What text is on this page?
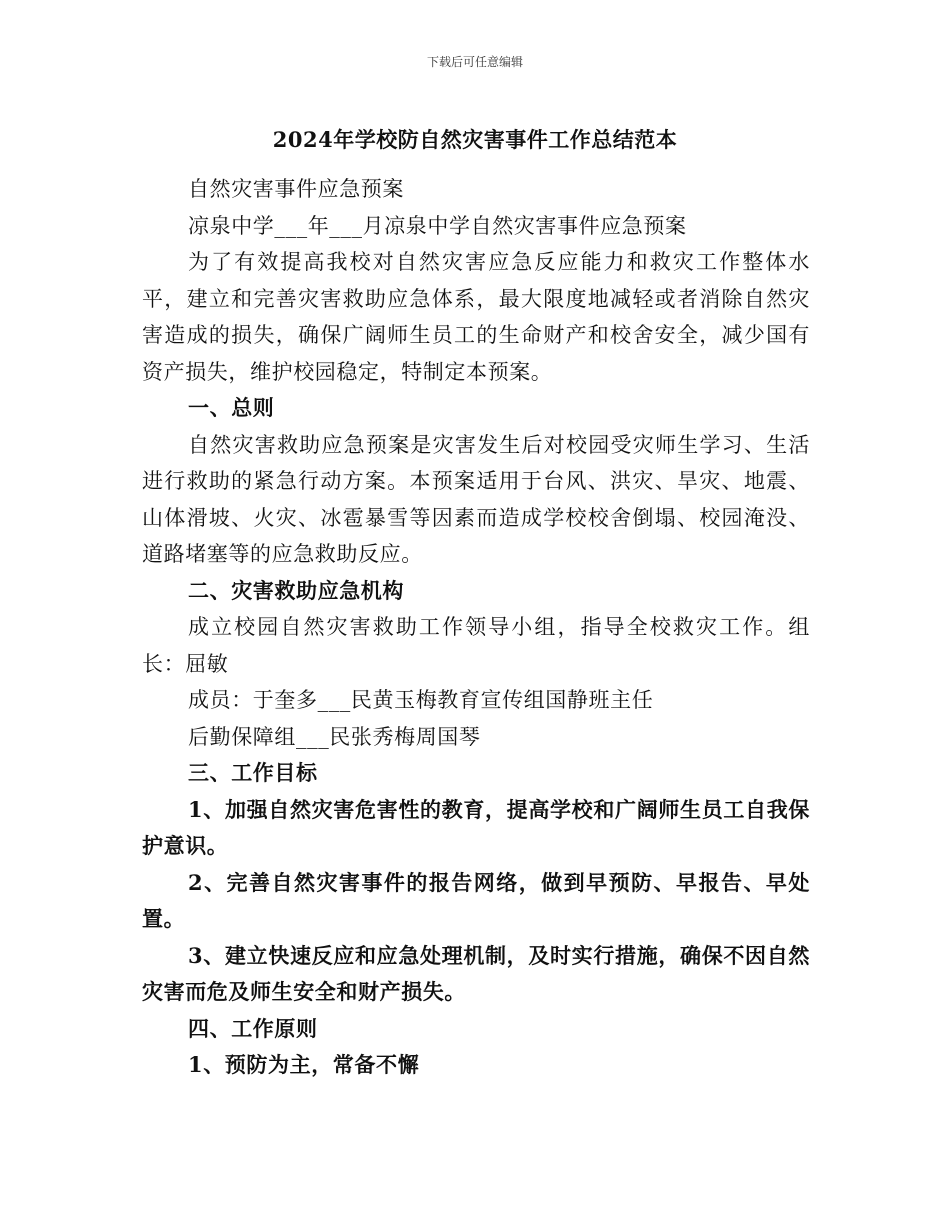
下载后可任意编辑
2024年学校防自然灾害事件工作总结范本

自然灾害事件应急预案

凉泉中学___年___月凉泉中学自然灾害事件应急预案

为了有效提高我校对自然灾害应急反应能力和救灾工作整体水平，建立和完善灾害救助应急体系，最大限度地减轻或者消除自然灾害造成的损失，确保广阔师生员工的生命财产和校舍安全，减少国有资产损失，维护校园稳定，特制定本预案。

一、总则

自然灾害救助应急预案是灾害发生后对校园受灾师生学习、生活进行救助的紧急行动方案。本预案适用于台风、洪灾、旱灾、地震、山体滑坡、火灾、冰雹暴雪等因素而造成学校校舍倒塌、校园淹没、道路堵塞等的应急救助反应。

二、灾害救助应急机构

成立校园自然灾害救助工作领导小组，指导全校救灾工作。组长：屈敏

成员：于奎多___民黄玉梅教育宣传组国静班主任

后勤保障组___民张秀梅周国琴

三、工作目标

1、加强自然灾害危害性的教育，提高学校和广阔师生员工自我保护意识。

2、完善自然灾害事件的报告网络，做到早预防、早报告、早处置。

3、建立快速反应和应急处理机制，及时实行措施，确保不因自然灾害而危及师生安全和财产损失。

四、工作原则

1、预防为主，常备不懈
